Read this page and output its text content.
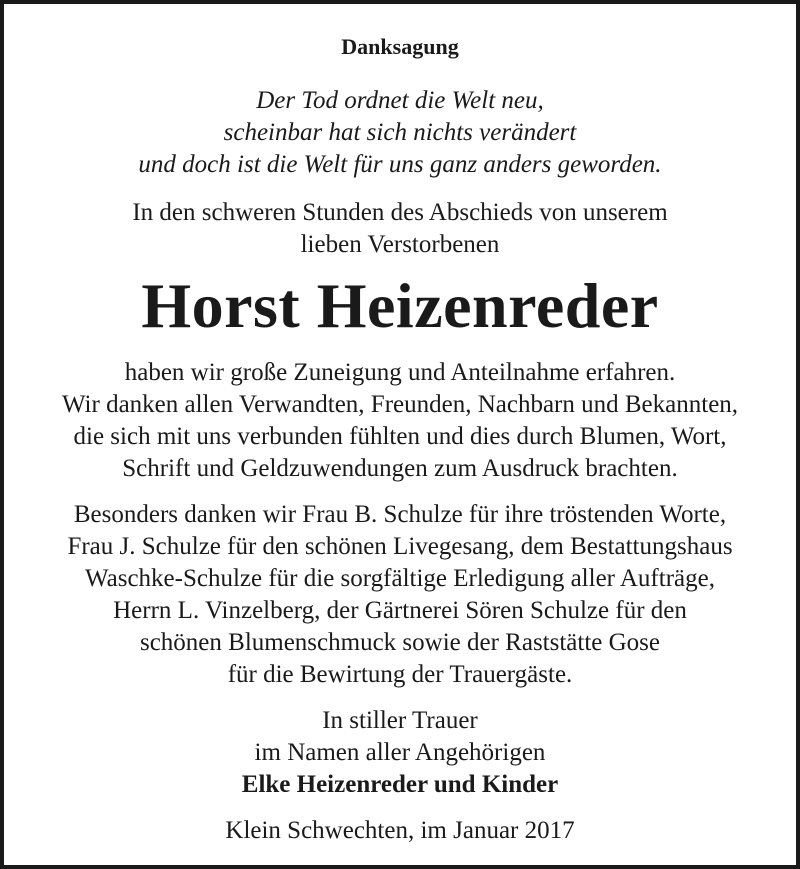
Danksagung
Der Tod ordnet die Welt neu,
scheinbar hat sich nichts verändert
und doch ist die Welt für uns ganz anders geworden.
In den schweren Stunden des Abschieds von unserem
lieben Verstorbenen
Horst Heizenreder
haben wir große Zuneigung und Anteilnahme erfahren.
Wir danken allen Verwandten, Freunden, Nachbarn und Bekannten,
die sich mit uns verbunden fühlten und dies durch Blumen, Wort,
Schrift und Geldzuwendungen zum Ausdruck brachten.
Besonders danken wir Frau B. Schulze für ihre tröstenden Worte,
Frau J. Schulze für den schönen Livegesang, dem Bestattungshaus
Waschke-Schulze für die sorgfältige Erledigung aller Aufträge,
Herrn L. Vinzelberg, der Gärtnerei Sören Schulze für den
schönen Blumenschmuck sowie der Raststätte Gose
für die Bewirtung der Trauergäste.
In stiller Trauer
im Namen aller Angehörigen
Elke Heizenreder und Kinder
Klein Schwechten, im Januar 2017
